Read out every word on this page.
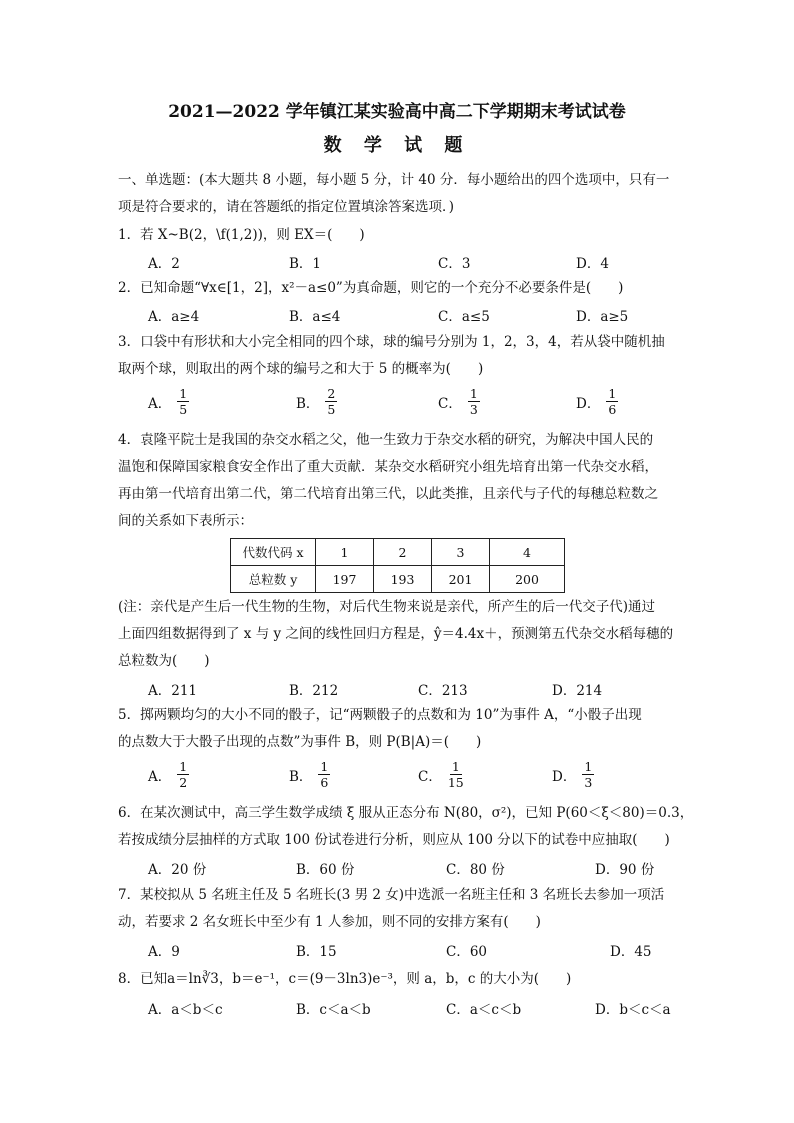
2021—2022 学年镇江某实验高中高二下学期期末考试试卷
数 学 试 题
一、单选题：(本大题共 8 小题，每小题 5 分，计 40 分．每小题给出的四个选项中，只有一
项是符合要求的，请在答题纸的指定位置填涂答案选项．)
1．若 X~B(2，\f(1,2))，则 EX＝(　　)
A．2	B．1	C．3	D．4
2．已知命题“∀x∈[1，2]，x²－a≤0”为真命题，则它的一个充分不必要条件是(　　)
A．a≥4	B．a≤4	C．a≤5	D．a≥5
3．口袋中有形状和大小完全相同的四个球，球的编号分别为 1，2，3，4，若从袋中随机抽
取两个球，则取出的两个球的编号之和大于 5 的概率为(　　)
A． $\frac{1}{5}$	B． $\frac{2}{5}$	C． $\frac{1}{3}$	D． $\frac{1}{6}$
4．袁隆平院士是我国的杂交水稻之父，他一生致力于杂交水稻的研究，为解决中国人民的
温饱和保障国家粮食安全作出了重大贡献．某杂交水稻研究小组先培育出第一代杂交水稻，
再由第一代培育出第二代，第二代培育出第三代，以此类推，且亲代与子代的每穗总粒数之
间的关系如下表所示：
代数代码 x	1	2	3	4
总粒数 y	197	193	201	200
(注：亲代是产生后一代生物的生物，对后代生物来说是亲代，所产生的后一代交子代)通过
上面四组数据得到了 x 与 y 之间的线性回归方程是，ŷ＝4.4x＋，预测第五代杂交水稻每穗的
总粒数为(　　)
A．211	B．212	C．213	D．214
5．掷两颗均匀的大小不同的骰子，记“两颗骰子的点数和为 10”为事件 A，“小骰子出现
的点数大于大骰子出现的点数”为事件 B，则 P(B|A)＝(　　)
A． $\frac{1}{2}$	B． $\frac{1}{6}$	C． $\frac{1}{15}$	D． $\frac{1}{3}$
6．在某次测试中，高三学生数学成绩 ξ 服从正态分布 N(80，σ²)，已知 P(60＜ξ＜80)＝0.3，
若按成绩分层抽样的方式取 100 份试卷进行分析，则应从 100 分以下的试卷中应抽取(　　)
A．20 份	B．60 份	C．80 份	D．90 份
7．某校拟从 5 名班主任及 5 名班长(3 男 2 女)中选派一名班主任和 3 名班长去参加一项活
动，若要求 2 名女班长中至少有 1 人参加，则不同的安排方案有(　　)
A．9	B．15	C．60	D．45
8．已知a＝ln∛3，b＝e⁻¹，c＝(9－3ln3)e⁻³，则 a，b，c 的大小为(　　)
A．a＜b＜c	B．c＜a＜b	C．a＜c＜b	D．b＜c＜a
